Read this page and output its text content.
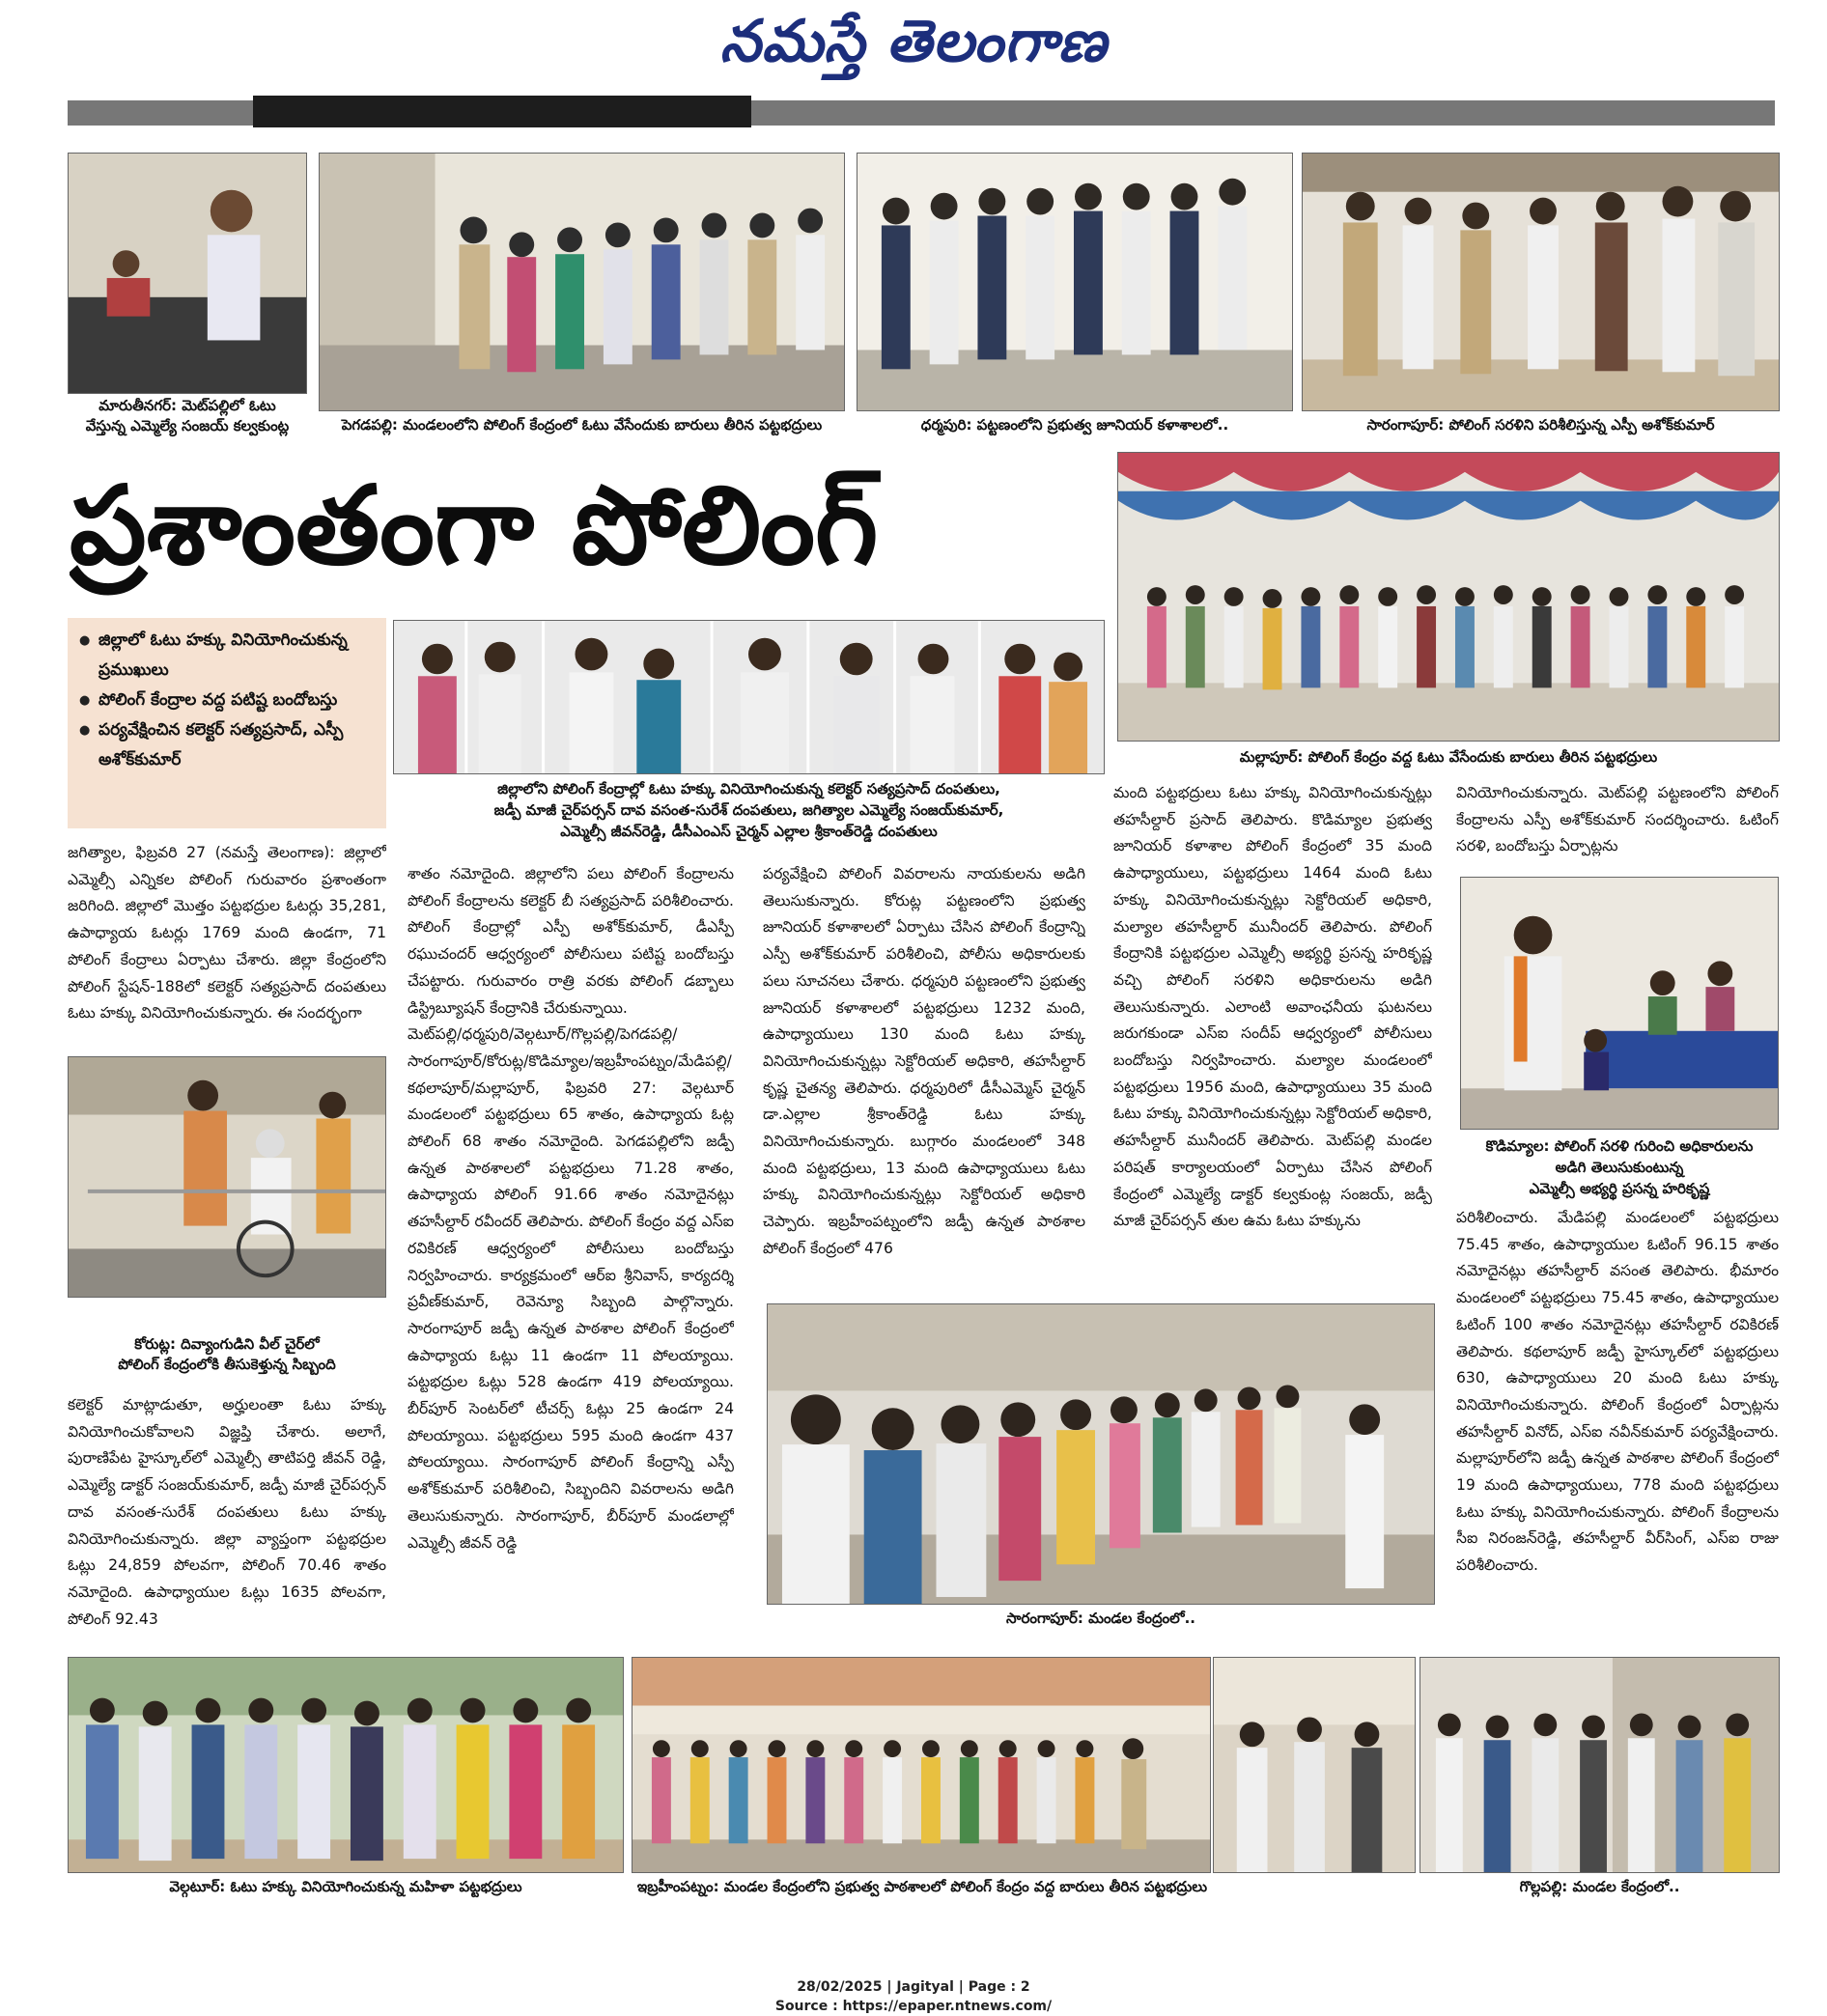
నమస్తే తెలంగాణ
మారుతీనగర్: మెట్‌పల్లిలో ఓటు
వేస్తున్న ఎమ్మెల్యే సంజయ్ కల్వకుంట్ల	పెగడపల్లి: మండలంలోని పోలింగ్ కేంద్రంలో ఓటు వేసేందుకు బారులు తీరిన పట్టభద్రులు	ధర్మపురి: పట్టణంలోని ప్రభుత్వ జూనియర్ కళాశాలలో..	సారంగాపూర్: పోలింగ్ సరళిని పరిశీలిస్తున్న ఎస్పీ అశోక్‌కుమార్
ప్రశాంతంగా పోలింగ్
మల్లాపూర్: పోలింగ్ కేంద్రం వద్ద ఓటు వేసేందుకు బారులు తీరిన పట్టభద్రులు
● జిల్లాలో ఓటు హక్కు వినియోగించుకున్న ప్రముఖులు
● పోలింగ్ కేంద్రాల వద్ద పటిష్ట బందోబస్తు
● పర్యవేక్షించిన కలెక్టర్ సత్యప్రసాద్, ఎస్పీ అశోక్‌కుమార్
జిల్లాలోని పోలింగ్ కేంద్రాల్లో ఓటు హక్కు వినియోగించుకున్న కలెక్టర్ సత్యప్రసాద్ దంపతులు,
జడ్పీ మాజీ చైర్‌పర్సన్ దావ వసంత-సురేశ్ దంపతులు, జగిత్యాల ఎమ్మెల్యే సంజయ్‌కుమార్,
ఎమ్మెల్సీ జీవన్‌రెడ్డి, డీసీఎంఎస్ చైర్మన్ ఎల్లాల శ్రీకాంత్‌రెడ్డి దంపతులు
జగిత్యాల, ఫిబ్రవరి 27 (నమస్తే తెలంగాణ): జిల్లాలో ఎమ్మెల్సీ ఎన్నికల పోలింగ్ గురువారం ప్రశాంతంగా జరిగింది. జిల్లాలో మొత్తం పట్టభద్రుల ఓటర్లు 35,281, ఉపాధ్యాయ ఓటర్లు 1769 మంది ఉండగా, 71 పోలింగ్ కేంద్రాలు ఏర్పాటు చేశారు. జిల్లా కేంద్రంలోని పోలింగ్ స్టేషన్-188లో కలెక్టర్ సత్యప్రసాద్ దంపతులు ఓటు హక్కు వినియోగించుకున్నారు. ఈ సందర్భంగా
కోరుట్ల: దివ్యాంగుడిని వీల్ చైర్‌లో
పోలింగ్ కేంద్రంలోకి తీసుకెళ్తున్న సిబ్బంది
కలెక్టర్ మాట్లాడుతూ, అర్హులంతా ఓటు హక్కు వినియోగించుకోవాలని విజ్ఞప్తి చేశారు. అలాగే, పురాణిపేట హైస్కూల్‌లో ఎమ్మెల్సీ తాటిపర్తి జీవన్ రెడ్డి, ఎమ్మెల్యే డాక్టర్ సంజయ్‌కుమార్, జడ్పీ మాజీ చైర్‌పర్సన్ దావ వసంత-సురేశ్ దంపతులు ఓటు హక్కు వినియోగించుకున్నారు. జిల్లా వ్యాప్తంగా పట్టభద్రుల ఓట్లు 24,859 పోలవగా, పోలింగ్ 70.46 శాతం నమోదైంది. ఉపాధ్యాయుల ఓట్లు 1635 పోలవగా, పోలింగ్ 92.43
శాతం నమోదైంది. జిల్లాలోని పలు పోలింగ్ కేంద్రాలను పోలింగ్ కేంద్రాలను కలెక్టర్ బీ సత్యప్రసాద్ పరిశీలించారు. పోలింగ్ కేంద్రాల్లో ఎస్పీ అశోక్‌కుమార్, డీఎస్పీ రఘుచందర్ ఆధ్వర్యంలో పోలీసులు పటిష్ట బందోబస్తు చేపట్టారు. గురువారం రాత్రి వరకు పోలింగ్ డబ్బాలు డిస్ట్రిబ్యూషన్ కేంద్రానికి చేరుకున్నాయి.
మెట్‌పల్లి/ధర్మపురి/వెల్గటూర్/గొల్లపల్లి/పెగడపల్లి/సారంగాపూర్/కోరుట్ల/కొడిమ్యాల/ఇబ్రహీంపట్నం/మేడిపల్లి/కథలాపూర్/మల్లాపూర్, ఫిబ్రవరి 27: వెల్గటూర్ మండలంలో పట్టభద్రులు 65 శాతం, ఉపాధ్యాయ ఓట్ల పోలింగ్ 68 శాతం నమోదైంది. పెగడపల్లిలోని జడ్పీ ఉన్నత పాఠశాలలో పట్టభద్రులు 71.28 శాతం, ఉపాధ్యాయ పోలింగ్ 91.66 శాతం నమోదైనట్లు తహసీల్దార్ రవీందర్ తెలిపారు. పోలింగ్ కేంద్రం వద్ద ఎస్ఐ రవికిరణ్ ఆధ్వర్యంలో పోలీసులు బందోబస్తు నిర్వహించారు. కార్యక్రమంలో ఆర్ఐ శ్రీనివాస్, కార్యదర్శి ప్రవీణ్‌కుమార్, రెవెన్యూ సిబ్బంది పాల్గొన్నారు. సారంగాపూర్ జడ్పీ ఉన్నత పాఠశాల పోలింగ్ కేంద్రంలో ఉపాధ్యాయ ఓట్లు 11 ఉండగా 11 పోలయ్యాయి. పట్టభద్రుల ఓట్లు 528 ఉండగా 419 పోలయ్యాయి. బీర్‌పూర్ సెంటర్‌లో టీచర్స్ ఓట్లు 25 ఉండగా 24 పోలయ్యాయి. పట్టభద్రులు 595 మంది ఉండగా 437 పోలయ్యాయి. సారంగాపూర్ పోలింగ్ కేంద్రాన్ని ఎస్పీ అశోక్‌కుమార్ పరిశీలించి, సిబ్బందిని వివరాలను అడిగి తెలుసుకున్నారు. సారంగాపూర్, బీర్‌పూర్ మండలాల్లో ఎమ్మెల్సీ జీవన్ రెడ్డి
పర్యవేక్షించి పోలింగ్ వివరాలను నాయకులను అడిగి తెలుసుకున్నారు. కోరుట్ల పట్టణంలోని ప్రభుత్వ జూనియర్ కళాశాలలో ఏర్పాటు చేసిన పోలింగ్ కేంద్రాన్ని ఎస్పీ అశోక్‌కుమార్ పరిశీలించి, పోలీసు అధికారులకు పలు సూచనలు చేశారు. ధర్మపురి పట్టణంలోని ప్రభుత్వ జూనియర్ కళాశాలలో పట్టభద్రులు 1232 మంది, ఉపాధ్యాయులు 130 మంది ఓటు హక్కు వినియోగించుకున్నట్లు సెక్టోరియల్ అధికారి, తహసీల్దార్ కృష్ణ చైతన్య తెలిపారు. ధర్మపురిలో డీసీఎమ్మెస్ చైర్మన్ డా.ఎల్లాల శ్రీకాంత్‌రెడ్డి ఓటు హక్కు వినియోగించుకున్నారు. బుగ్గారం మండలంలో 348 మంది పట్టభద్రులు, 13 మంది ఉపాధ్యాయులు ఓటు హక్కు వినియోగించుకున్నట్లు సెక్టోరియల్ అధికారి చెప్పారు. ఇబ్రహీంపట్నంలోని జడ్పీ ఉన్నత పాఠశాల పోలింగ్ కేంద్రంలో 476
మంది పట్టభద్రులు ఓటు హక్కు వినియోగించుకున్నట్లు తహసీల్దార్ ప్రసాద్ తెలిపారు. కొడిమ్యాల ప్రభుత్వ జూనియర్ కళాశాల పోలింగ్ కేంద్రంలో 35 మంది ఉపాధ్యాయులు, పట్టభద్రులు 1464 మంది ఓటు హక్కు వినియోగించుకున్నట్లు సెక్టోరియల్ అధికారి, మల్యాల తహసీల్దార్ మునీందర్ తెలిపారు. పోలింగ్ కేంద్రానికి పట్టభద్రుల ఎమ్మెల్సీ అభ్యర్థి ప్రసన్న హరికృష్ణ వచ్చి పోలింగ్ సరళిని అధికారులను అడిగి తెలుసుకున్నారు. ఎలాంటి అవాంఛనీయ ఘటనలు జరుగకుండా ఎస్ఐ సందీప్ ఆధ్వర్యంలో పోలీసులు బందోబస్తు నిర్వహించారు. మల్యాల మండలంలో పట్టభద్రులు 1956 మంది, ఉపాధ్యాయులు 35 మంది ఓటు హక్కు వినియోగించుకున్నట్లు సెక్టోరియల్ అధికారి, తహసీల్దార్ మునీందర్ తెలిపారు. మెట్‌పల్లి మండల పరిషత్ కార్యాలయంలో ఏర్పాటు చేసిన పోలింగ్ కేంద్రంలో ఎమ్మెల్యే డాక్టర్ కల్వకుంట్ల సంజయ్, జడ్పీ మాజీ చైర్‌పర్సన్ తుల ఉమ ఓటు హక్కును
వినియోగించుకున్నారు. మెట్‌పల్లి పట్టణంలోని పోలింగ్ కేంద్రాలను ఎస్పీ అశోక్‌కుమార్ సందర్శించారు. ఓటింగ్ సరళి, బందోబస్తు ఏర్పాట్లను
కొడిమ్యాల: పోలింగ్ సరళి గురించి అధికారులను
అడిగి తెలుసుకుంటున్న
ఎమ్మెల్సీ అభ్యర్థి ప్రసన్న హరికృష్ణ
పరిశీలించారు. మేడిపల్లి మండలంలో పట్టభద్రులు 75.45 శాతం, ఉపాధ్యాయుల ఓటింగ్ 96.15 శాతం నమోదైనట్లు తహసీల్దార్ వసంత తెలిపారు. భీమారం మండలంలో పట్టభద్రులు 75.45 శాతం, ఉపాధ్యాయుల ఓటింగ్ 100 శాతం నమోదైనట్లు తహసీల్దార్ రవికిరణ్ తెలిపారు. కథలాపూర్ జడ్పీ హైస్కూల్‌లో పట్టభద్రులు 630, ఉపాధ్యాయులు 20 మంది ఓటు హక్కు వినియోగించుకున్నారు. పోలింగ్ కేంద్రంలో ఏర్పాట్లను తహసీల్దార్ వినోద్, ఎస్ఐ నవీన్‌కుమార్ పర్యవేక్షించారు. మల్లాపూర్‌లోని జడ్పీ ఉన్నత పాఠశాల పోలింగ్ కేంద్రంలో 19 మంది ఉపాధ్యాయులు, 778 మంది పట్టభద్రులు ఓటు హక్కు వినియోగించుకున్నారు. పోలింగ్ కేంద్రాలను సీఐ నిరంజన్‌రెడ్డి, తహసీల్దార్ వీర్‌సింగ్, ఎస్ఐ రాజు పరిశీలించారు.
సారంగాపూర్: మండల కేంద్రంలో..
వెల్గటూర్: ఓటు హక్కు వినియోగించుకున్న మహిళా పట్టభద్రులు	ఇబ్రహీంపట్నం: మండల కేంద్రంలోని ప్రభుత్వ పాఠశాలలో పోలింగ్ కేంద్రం వద్ద బారులు తీరిన పట్టభద్రులు	గొల్లపల్లి: మండల కేంద్రంలో..
28/02/2025 | Jagityal | Page : 2
Source : https://epaper.ntnews.com/
